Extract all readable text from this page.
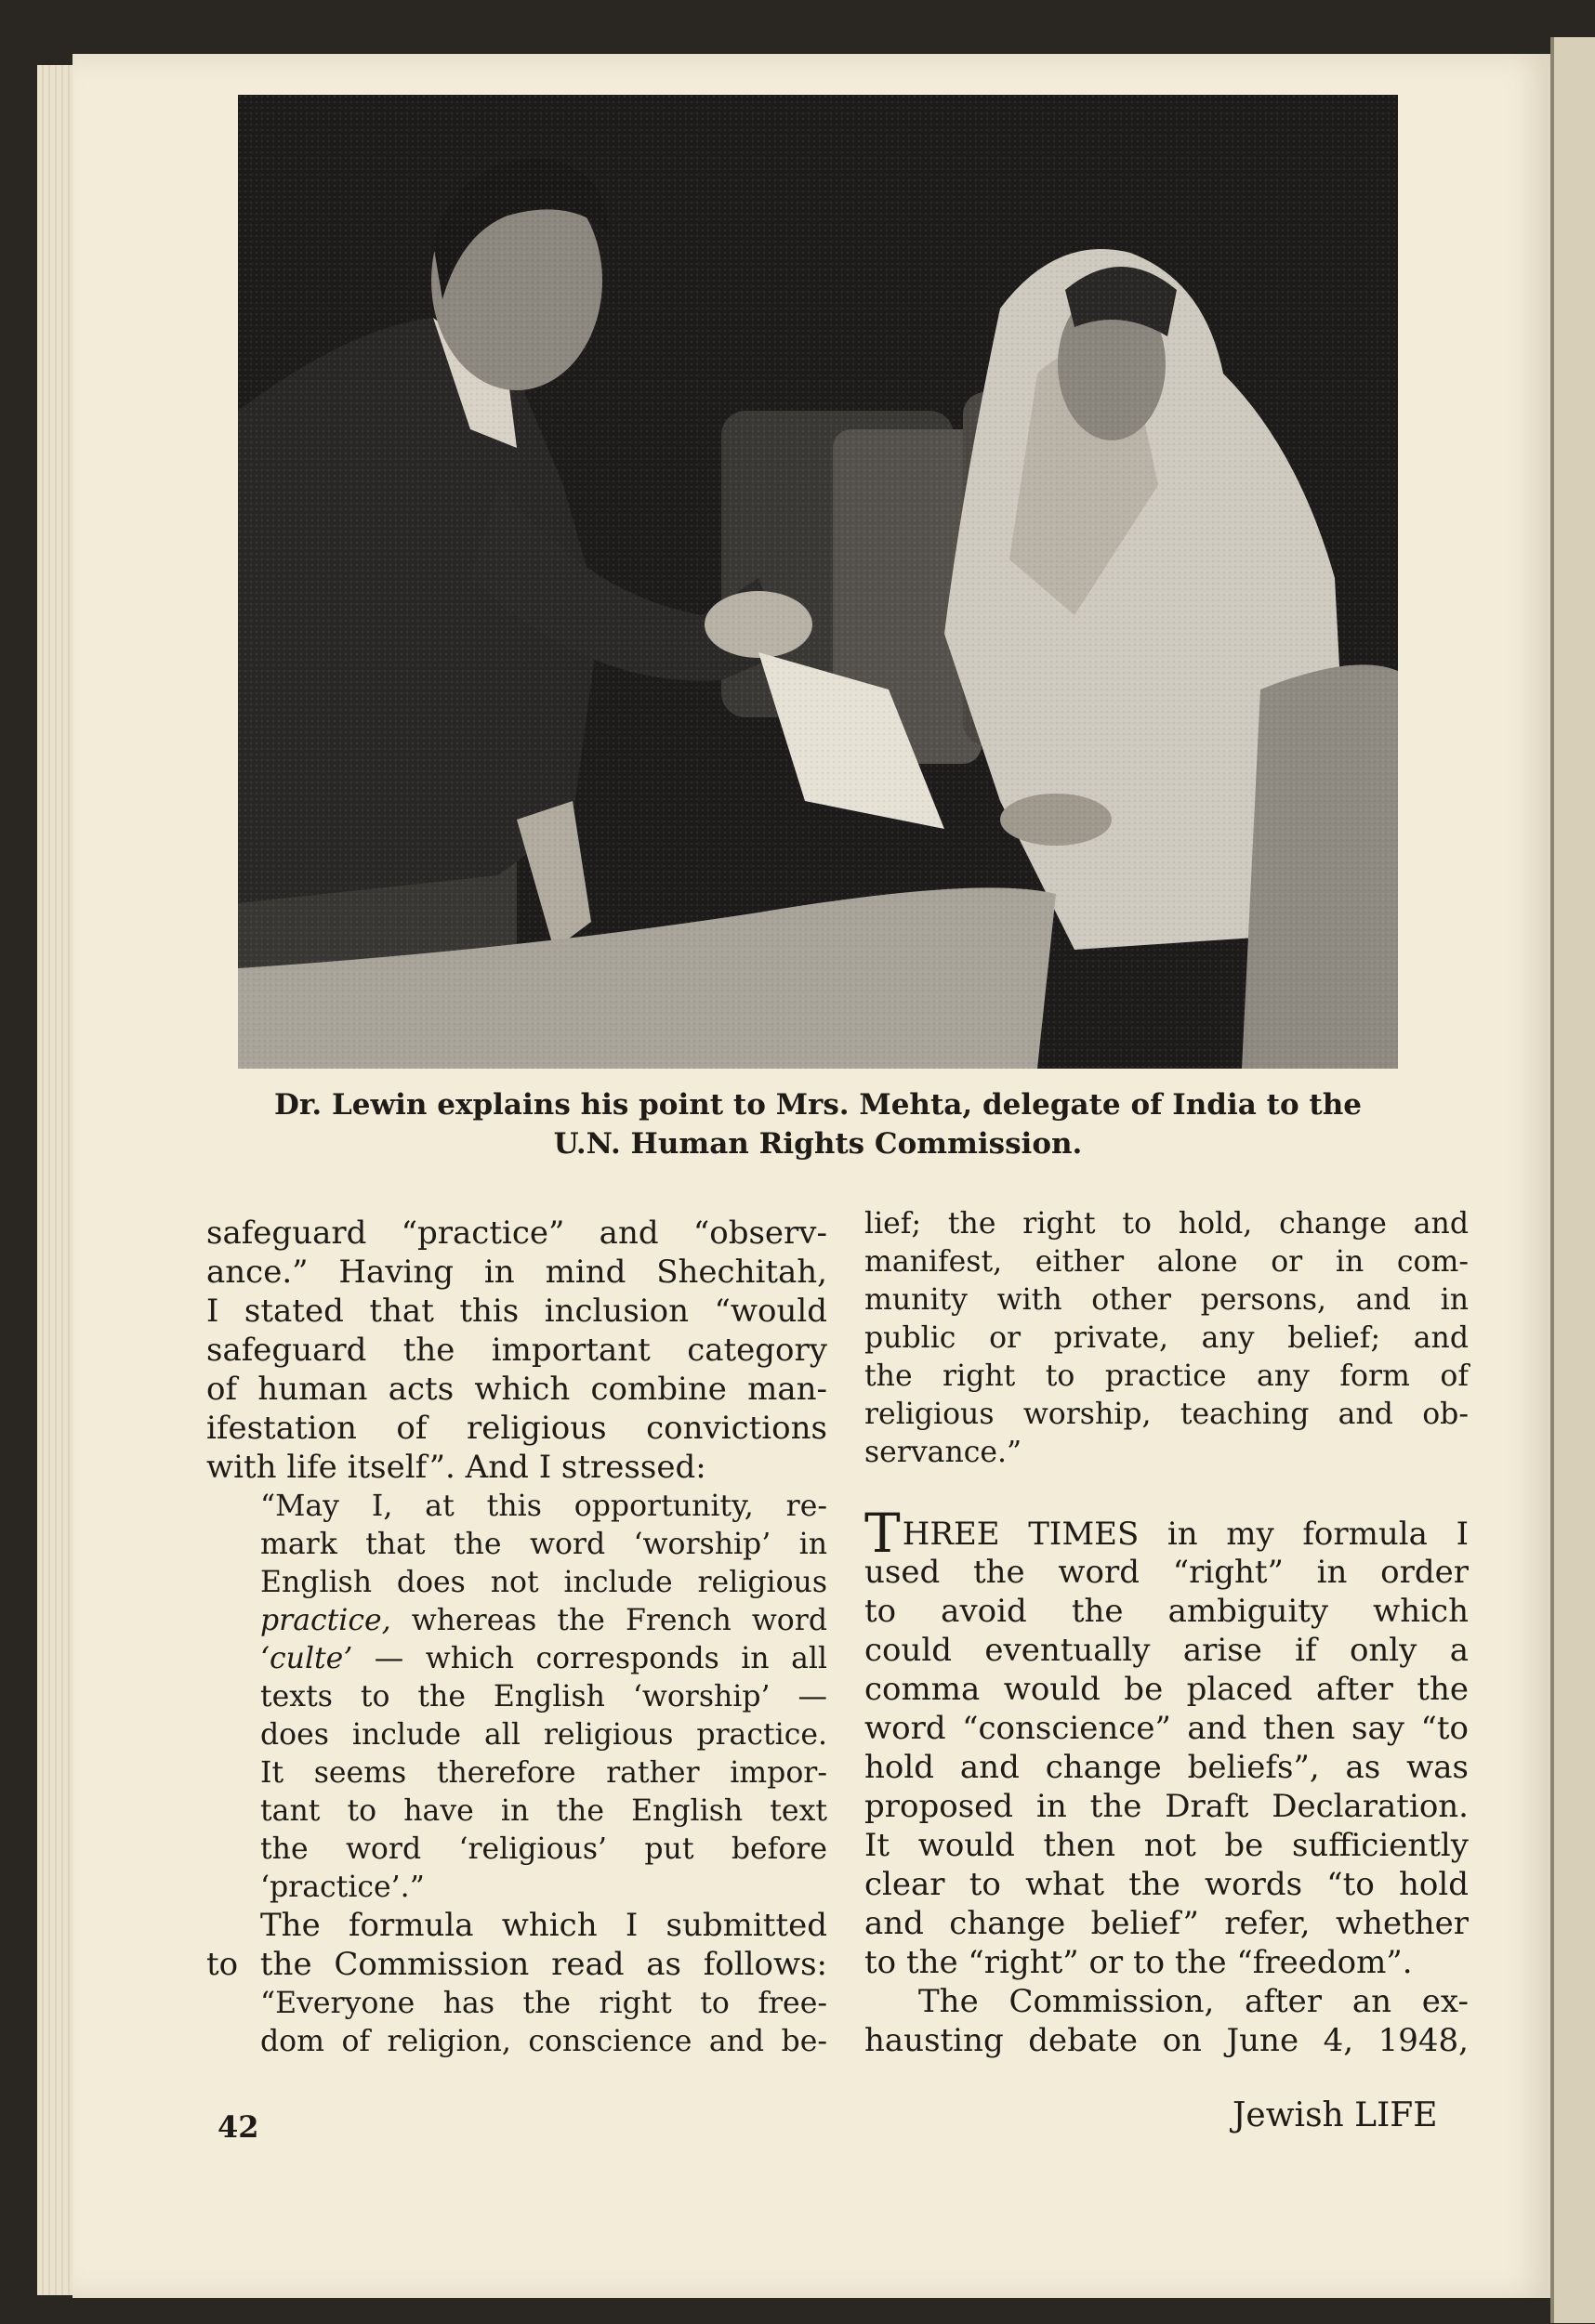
Dr. Lewin explains his point to Mrs. Mehta, delegate of India to the
U.N. Human Rights Commission.
safeguard “practice” and “observ-
ance.” Having in mind Shechitah,
I stated that this inclusion “would
safeguard the important category
of human acts which combine man-
ifestation of religious convictions
with life itself”. And I stressed:
“May I, at this opportunity, re-
mark that the word ‘worship’ in
English does not include religious
practice, whereas the French word
‘culte’ — which corresponds in all
texts to the English ‘worship’ —
does include all religious practice.
It seems therefore rather impor-
tant to have in the English text
the word ‘religious’ put before
‘practice’.”
The formula which I submitted
to the Commission read as follows:
“Everyone has the right to free-
dom of religion, conscience and be-
lief; the right to hold, change and
manifest, either alone or in com-
munity with other persons, and in
public or private, any belief; and
the right to practice any form of
religious worship, teaching and ob-
servance.”
THREE TIMES in my formula I
used the word “right” in order
to avoid the ambiguity which
could eventually arise if only a
comma would be placed after the
word “conscience” and then say “to
hold and change beliefs”, as was
proposed in the Draft Declaration.
It would then not be sufficiently
clear to what the words “to hold
and change belief” refer, whether
to the “right” or to the “freedom”.
The Commission, after an ex-
hausting debate on June 4, 1948,
42	Jewish LIFE
